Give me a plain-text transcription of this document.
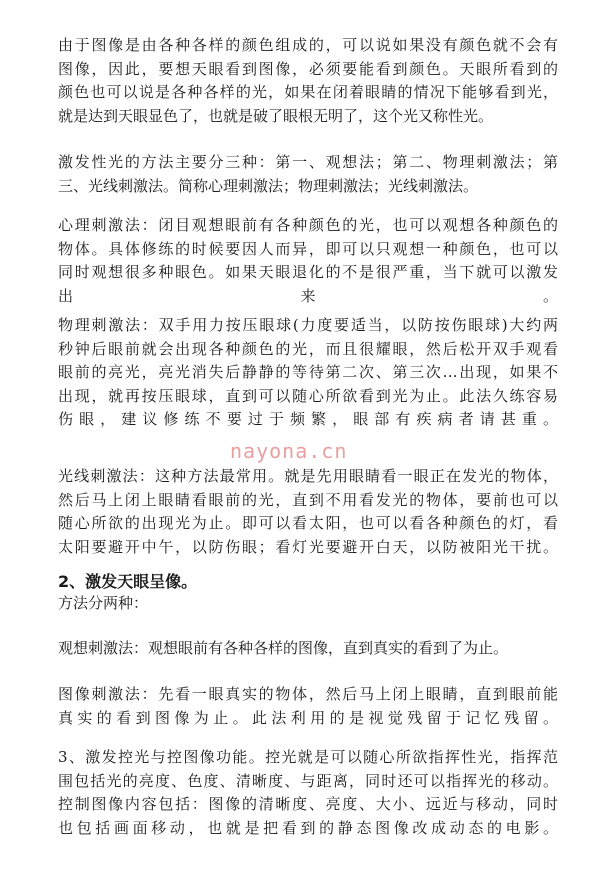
由于图像是由各种各样的颜色组成的，可以说如果没有颜色就不会有
图像，因此，要想天眼看到图像，必须要能看到颜色。天眼所看到的
颜色也可以说是各种各样的光，如果在闭着眼睛的情况下能够看到光，
就是达到天眼显色了，也就是破了眼根无明了，这个光又称性光。
激发性光的方法主要分三种：第一、观想法；第二、物理刺激法；第
三、光线刺激法。简称心理刺激法；物理刺激法；光线刺激法。
心理刺激法：闭目观想眼前有各种颜色的光，也可以观想各种颜色的
物体。具体修练的时候要因人而异，即可以只观想一种颜色，也可以
同时观想很多种眼色。如果天眼退化的不是很严重，当下就可以激发
出　　　　　　　　　　来　　　　　　　　　　。
物理刺激法：双手用力按压眼球(力度要适当，以防按伤眼球)大约两
秒钟后眼前就会出现各种颜色的光，而且很耀眼，然后松开双手观看
眼前的亮光，亮光消失后静静的等待第二次、第三次…出现，如果不
出现，就再按压眼球，直到可以随心所欲看到光为止。此法久练容易
伤眼，建议修练不要过于频繁，眼部有疾病者请甚重。
nayona.cn
光线刺激法：这种方法最常用。就是先用眼睛看一眼正在发光的物体，
然后马上闭上眼睛看眼前的光，直到不用看发光的物体，要前也可以
随心所欲的出现光为止。即可以看太阳，也可以看各种颜色的灯，看
太阳要避开中午，以防伤眼；看灯光要避开白天，以防被阳光干扰。
2、激发天眼呈像。
方法分两种：
观想刺激法：观想眼前有各种各样的图像，直到真实的看到了为止。
图像刺激法：先看一眼真实的物体，然后马上闭上眼睛，直到眼前能
真实的看到图像为止。此法利用的是视觉残留于记忆残留。
3、激发控光与控图像功能。控光就是可以随心所欲指挥性光，指挥范
围包括光的亮度、色度、清晰度、与距离，同时还可以指挥光的移动。
控制图像内容包括：图像的清晰度、亮度、大小、远近与移动，同时
也包括画面移动，也就是把看到的静态图像改成动态的电影。
